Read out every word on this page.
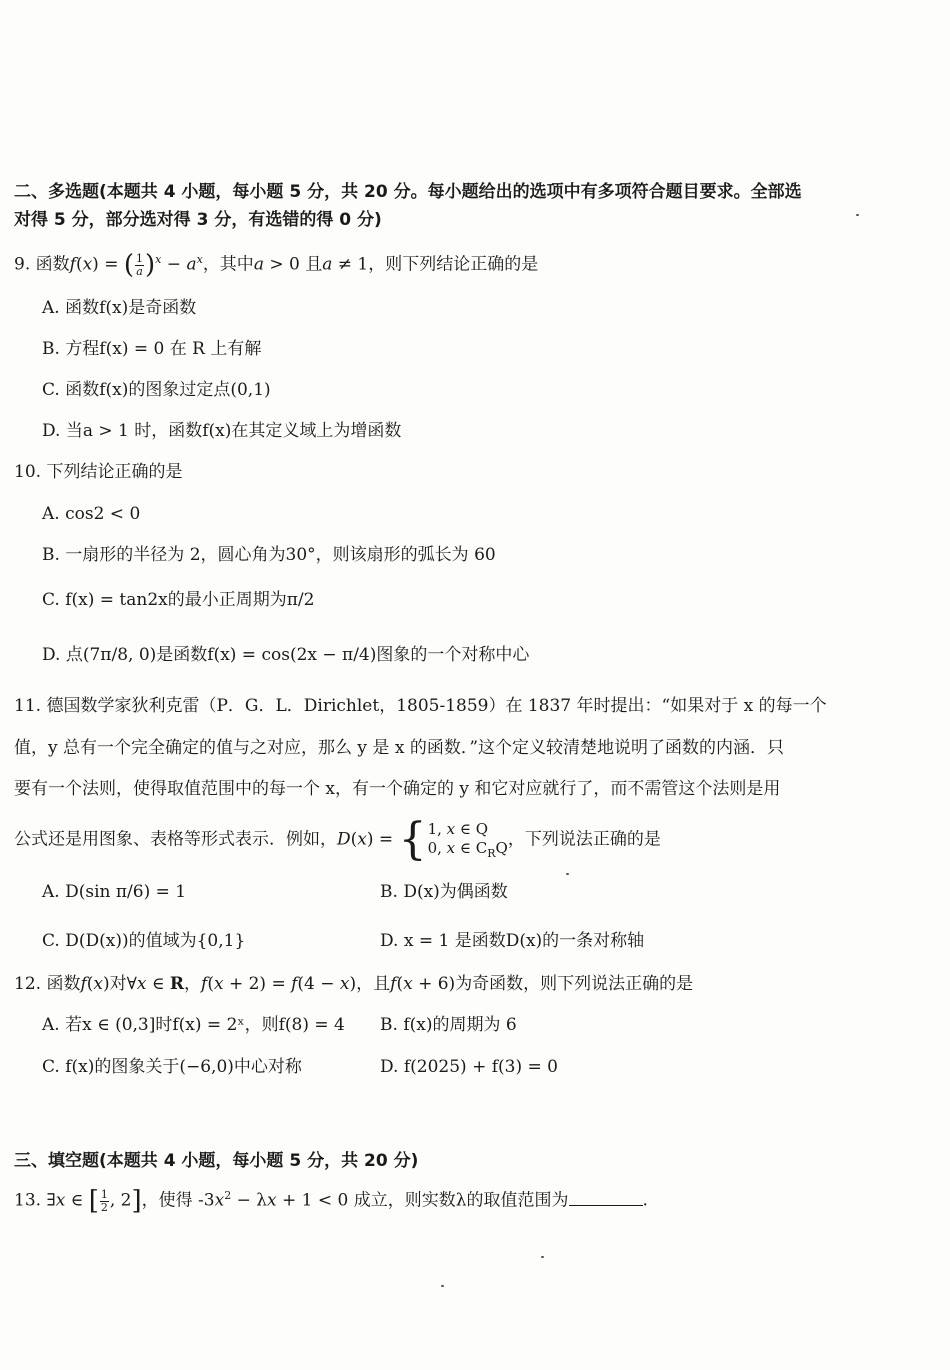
二、多选题(本题共 4 小题，每小题 5 分，共 20 分。每小题给出的选项中有多项符合题目要求。全部选
对得 5 分，部分选对得 3 分，有选错的得 0 分)
9. 函数f(x) = ( $\frac{1}{a} )^x - a^x$，其中a > 0 且a ≠ 1，则下列结论正确的是
A. 函数f(x)是奇函数
B. 方程f(x) = 0 在 R 上有解
C. 函数f(x)的图象过定点(0,1)
D. 当a > 1 时，函数f(x)在其定义域上为增函数
10. 下列结论正确的是
A. cos2 < 0
B. 一扇形的半径为 2，圆心角为30°，则该扇形的弧长为 60
C. f(x) = tan2x的最小正周期为π/2
D. 点(7π/8, 0)是函数f(x) = cos(2x − π/4)图象的一个对称中心
11. 德国数学家狄利克雷（P．G．L．Dirichlet，1805-1859）在 1837 年时提出：“如果对于 x 的每一个
值，y 总有一个完全确定的值与之对应，那么 y 是 x 的函数．”这个定义较清楚地说明了函数的内涵．只
要有一个法则，使得取值范围中的每一个 x，有一个确定的 y 和它对应就行了，而不需管这个法则是用
公式还是用图象、表格等形式表示．例如，D(x) = { 1, x ∈ Q
0, x ∈ $C_RQ$ ，下列说法正确的是
A. D(sin π/6) = 1	B. D(x)为偶函数
C. D(D(x))的值域为{0,1}	D. x = 1 是函数D(x)的一条对称轴
12. 函数f(x)对∀x ∈ R，f(x + 2) = f(4 − x)，且f(x + 6)为奇函数，则下列说法正确的是
A. 若x ∈ (0,3]时f(x) = 2ˣ，则f(8) = 4 B. f(x)的周期为 6
C. f(x)的图象关于(−6,0)中心对称	D. f(2025) + f(3) = 0
三、填空题(本题共 4 小题，每小题 5 分，共 20 分)
13. ∃x ∈ [ $\frac{1}{2}$ , 2]，使得 $-3x^2 - \lambda x + 1 < 0$ 成立，则实数λ的取值范围为	.
